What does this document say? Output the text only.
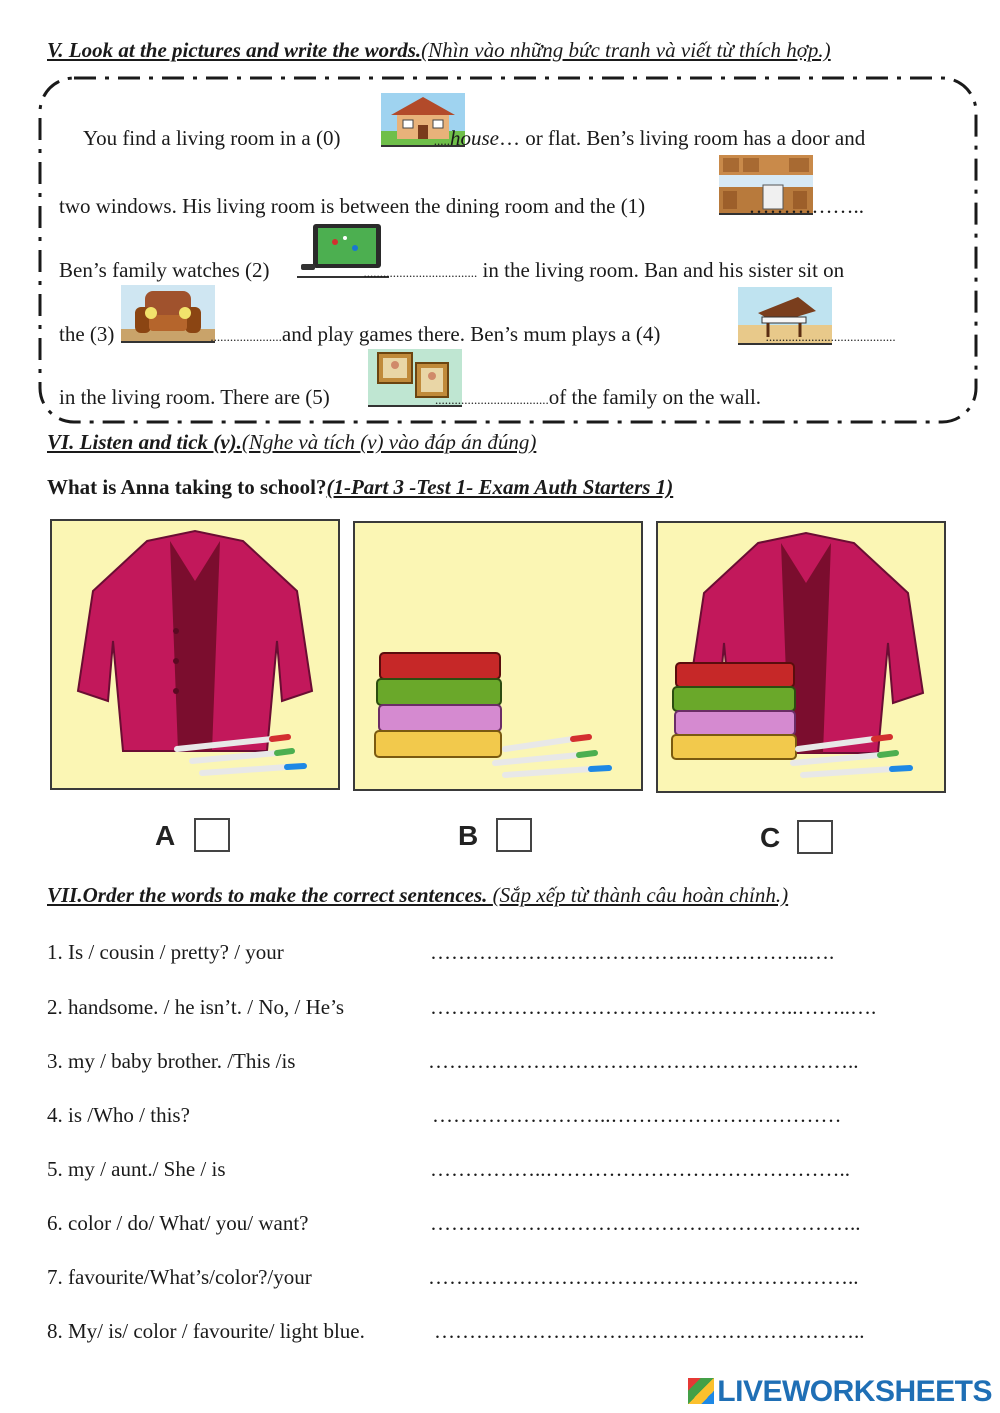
V. Look at the pictures and write the words.(Nhìn vào những bức tranh và viết từ thích hợp.)
You find a living room in a (0)	.....house… or flat. Ben’s living room has a door and
two windows. His living room is between the dining room and the (1)	……………..
Ben’s family watches (2)	................................... in the living room. Ban and his sister sit on
the (3)	......................and play games there. Ben’s mum plays a (4)	........................................
in the living room. There are (5)	...................................of the family on the wall.
VI. Listen and tick (v).(Nghe và tích (v) vào đáp án đúng)
What is Anna taking to school?(1-Part 3 -Test 1- Exam Auth Starters 1)
A	B	C
VII.Order the words to make the correct sentences. (Sắp xếp từ thành câu hoàn chỉnh.)
1. Is / cousin / pretty? / your	………………………………..……………..….
2. handsome. / he isn’t. / No, / He’s	……………………………………………..……..….
3. my / baby brother. /This /is	……………………………………………………..
4. is /Who / this?	……………………..……………………………
5. my / aunt./ She / is	……………..……………………………………..
6. color / do/ What/ you/ want?	……………………………………………………..
7. favourite/What’s/color?/your	……………………………………………………..
8. My/ is/ color / favourite/ light blue.	……………………………………………………..
LIVEWORKSHEETS
